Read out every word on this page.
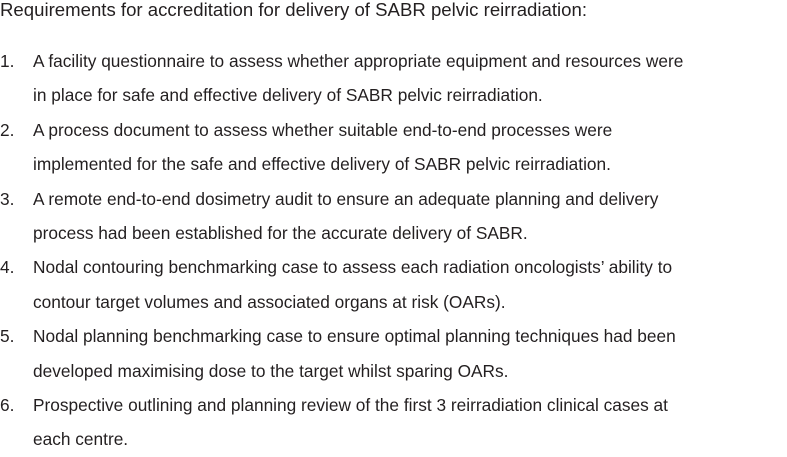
Requirements for accreditation for delivery of SABR pelvic reirradiation:
1. A facility questionnaire to assess whether appropriate equipment and resources were
in place for safe and effective delivery of SABR pelvic reirradiation.
2. A process document to assess whether suitable end-to-end processes were
implemented for the safe and effective delivery of SABR pelvic reirradiation.
3. A remote end-to-end dosimetry audit to ensure an adequate planning and delivery
process had been established for the accurate delivery of SABR.
4. Nodal contouring benchmarking case to assess each radiation oncologists’ ability to
contour target volumes and associated organs at risk (OARs).
5. Nodal planning benchmarking case to ensure optimal planning techniques had been
developed maximising dose to the target whilst sparing OARs.
6. Prospective outlining and planning review of the first 3 reirradiation clinical cases at
each centre.
